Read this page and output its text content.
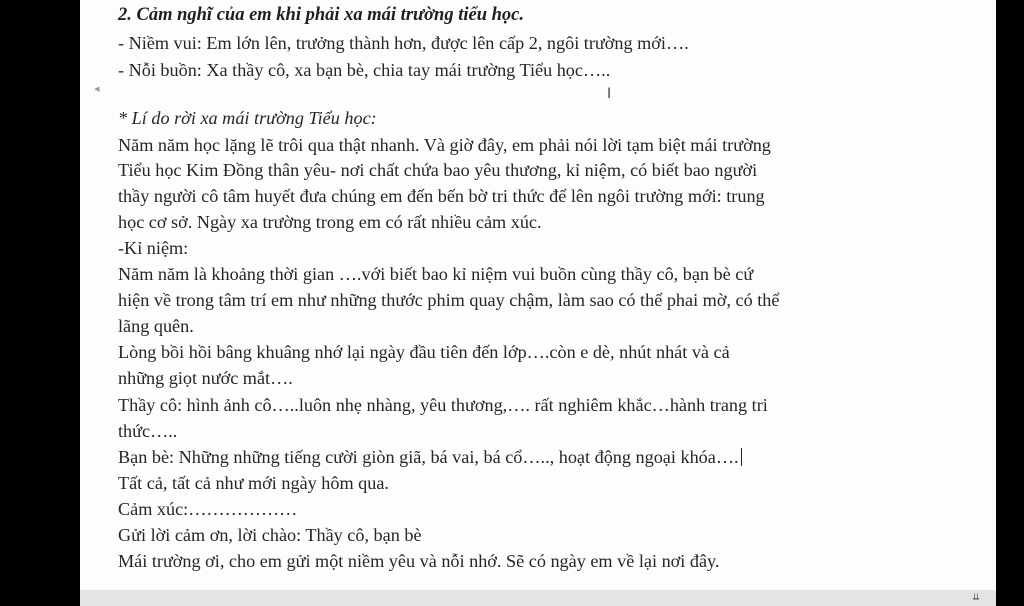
◂	I
2. Cảm nghĩ của em khi phải xa mái trường tiểu học.
- Niềm vui: Em lớn lên, trưởng thành hơn, được lên cấp 2, ngôi trường mới….
- Nỗi buồn: Xa thầy cô, xa bạn bè, chia tay mái trường Tiểu học…..
* Lí do rời xa mái trường Tiểu học:
Năm năm học lặng lẽ trôi qua thật nhanh. Và giờ đây, em phải nói lời tạm biệt mái trường
Tiểu học Kim Đồng thân yêu- nơi chất chứa bao yêu thương, kỉ niệm, có biết bao người
thầy người cô tâm huyết đưa chúng em đến bến bờ tri thức để lên ngôi trường mới: trung
học cơ sở. Ngày xa trường trong em có rất nhiều cảm xúc.
-Kỉ niệm:
Năm năm là khoảng thời gian ….với biết bao kỉ niệm vui buồn cùng thầy cô, bạn bè cứ
hiện về trong tâm trí em như những thước phim quay chậm, làm sao có thể phai mờ, có thể
lãng quên.
Lòng bồi hồi bâng khuâng nhớ lại ngày đầu tiên đến lớp….còn e dè, nhút nhát và cả
những giọt nước mắt….
Thầy cô: hình ảnh cô…..luôn nhẹ nhàng, yêu thương,…. rất nghiêm khắc…hành trang tri
thức…..
Bạn bè: Những những tiếng cười giòn giã, bá vai, bá cổ….., hoạt động ngoại khóa….
Tất cả, tất cả như mới ngày hôm qua.
Cảm xúc:………………
Gửi lời cảm ơn, lời chào: Thầy cô, bạn bè
Mái trường ơi, cho em gửi một niềm yêu và nỗi nhớ. Sẽ có ngày em về lại nơi đây.
⇊
